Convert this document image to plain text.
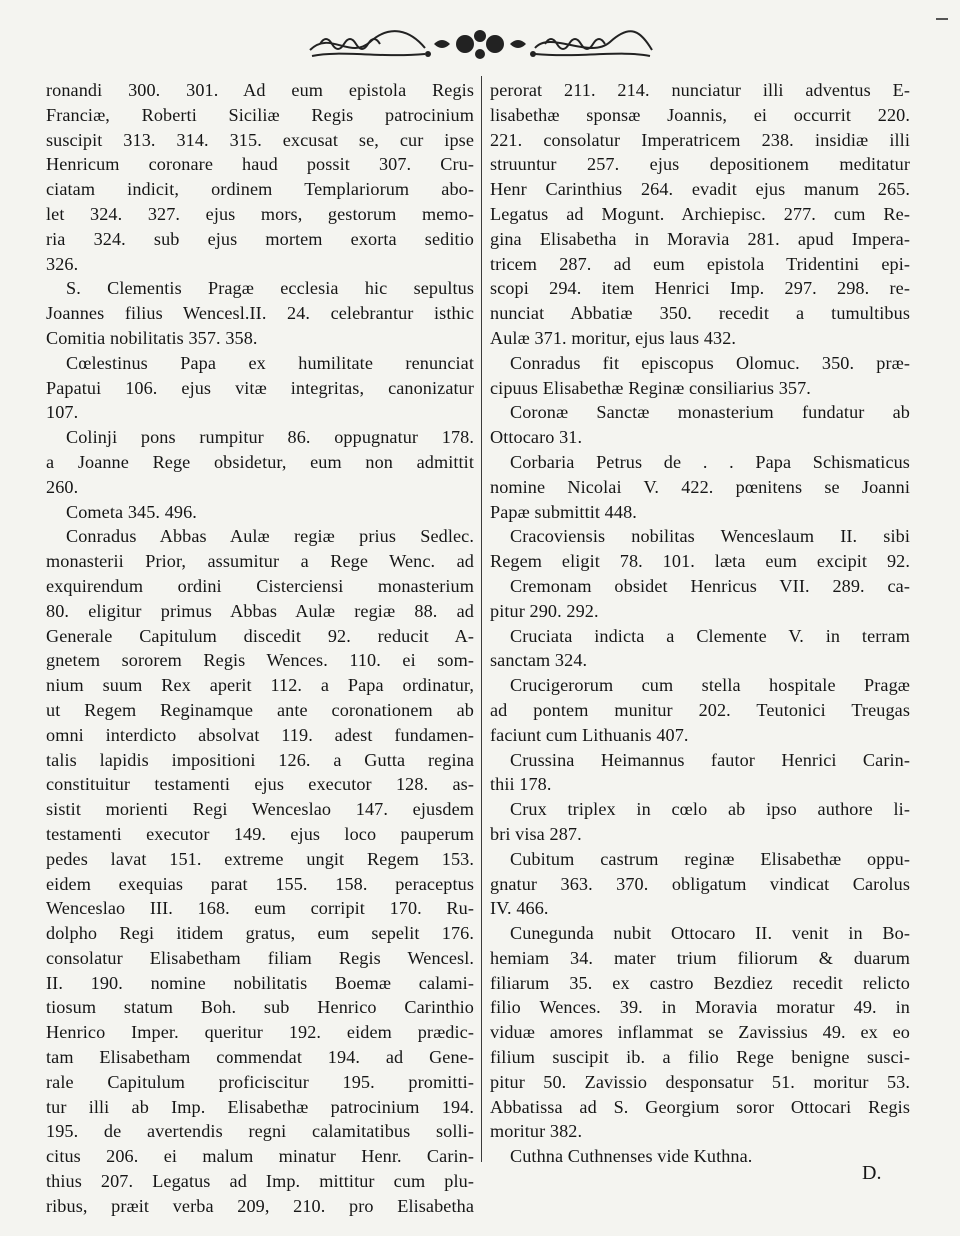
ronandi 300. 301. Ad eum epistola Regis
Franciæ, Roberti Siciliæ Regis patrocinium
suscipit 313. 314. 315. excusat se, cur ipse
Henricum coronare haud possit 307. Cru-
ciatam indicit, ordinem Templariorum abo-
let 324. 327. ejus mors, gestorum memo-
ria 324. sub ejus mortem exorta seditio
326.
S. Clementis Pragæ ecclesia hic sepultus
Joannes filius Wencesl.II. 24. celebrantur isthic
Comitia nobilitatis 357. 358.
Cœlestinus Papa ex humilitate renunciat
Papatui 106. ejus vitæ integritas, canonizatur
107.
Colinji pons rumpitur 86. oppugnatur 178.
a Joanne Rege obsidetur, eum non admittit
260.
Cometa 345. 496.
Conradus Abbas Aulæ regiæ prius Sedlec.
monasterii Prior, assumitur a Rege Wenc. ad
exquirendum ordini Cisterciensi monasterium
80. eligitur primus Abbas Aulæ regiæ 88. ad
Generale Capitulum discedit 92. reducit A-
gnetem sororem Regis Wences. 110. ei som-
nium suum Rex aperit 112. a Papa ordinatur,
ut Regem Reginamque ante coronationem ab
omni interdicto absolvat 119. adest fundamen-
talis lapidis impositioni 126. a Gutta regina
constituitur testamenti ejus executor 128. as-
sistit morienti Regi Wenceslao 147. ejusdem
testamenti executor 149. ejus loco pauperum
pedes lavat 151. extreme ungit Regem 153.
eidem exequias parat 155. 158. peraceptus
Wenceslao III. 168. eum corripit 170. Ru-
dolpho Regi itidem gratus, eum sepelit 176.
consolatur Elisabetham filiam Regis Wencesl.
II. 190. nomine nobilitatis Boemæ calami-
tiosum statum Boh. sub Henrico Carinthio
Henrico Imper. queritur 192. eidem prædic-
tam Elisabetham commendat 194. ad Gene-
rale Capitulum proficiscitur 195. promitti-
tur illi ab Imp. Elisabethæ patrocinium 194.
195. de avertendis regni calamitatibus solli-
citus 206. ei malum minatur Henr. Carin-
thius 207. Legatus ad Imp. mittitur cum plu-
ribus, præit verba 209, 210. pro Elisabetha
perorat 211. 214. nunciatur illi adventus E-
lisabethæ sponsæ Joannis, ei occurrit 220.
221. consolatur Imperatricem 238. insidiæ illi
struuntur 257. ejus depositionem meditatur
Henr Carinthius 264. evadit ejus manum 265.
Legatus ad Mogunt. Archiepisc. 277. cum Re-
gina Elisabetha in Moravia 281. apud Impera-
tricem 287. ad eum epistola Tridentini epi-
scopi 294. item Henrici Imp. 297. 298. re-
nunciat Abbatiæ 350. recedit a tumultibus
Aulæ 371. moritur, ejus laus 432.
Conradus fit episcopus Olomuc. 350. præ-
cipuus Elisabethæ Reginæ consiliarius 357.
Coronæ Sanctæ monasterium fundatur ab
Ottocaro 31.
Corbaria Petrus de . . Papa Schismaticus
nomine Nicolai V. 422. pœnitens se Joanni
Papæ submittit 448.
Cracoviensis nobilitas Wenceslaum II. sibi
Regem eligit 78. 101. læta eum excipit 92.
Cremonam obsidet Henricus VII. 289. ca-
pitur 290. 292.
Cruciata indicta a Clemente V. in terram
sanctam 324.
Crucigerorum cum stella hospitale Pragæ
ad pontem munitur 202. Teutonici Treugas
faciunt cum Lithuanis 407.
Crussina Heimannus fautor Henrici Carin-
thii 178.
Crux triplex in cœlo ab ipso authore li-
bri visa 287.
Cubitum castrum reginæ Elisabethæ oppu-
gnatur 363. 370. obligatum vindicat Carolus
IV. 466.
Cunegunda nubit Ottocaro II. venit in Bo-
hemiam 34. mater trium filiorum & duarum
filiarum 35. ex castro Bezdiez recedit relicto
filio Wences. 39. in Moravia moratur 49. in
viduæ amores inflammat se Zavissius 49. ex eo
filium suscipit ib. a filio Rege benigne susci-
pitur 50. Zavissio desponsatur 51. moritur 53.
Abbatissa ad S. Georgium soror Ottocari Regis
moritur 382.
Cuthna Cuthnenses vide Kuthna.
D.
